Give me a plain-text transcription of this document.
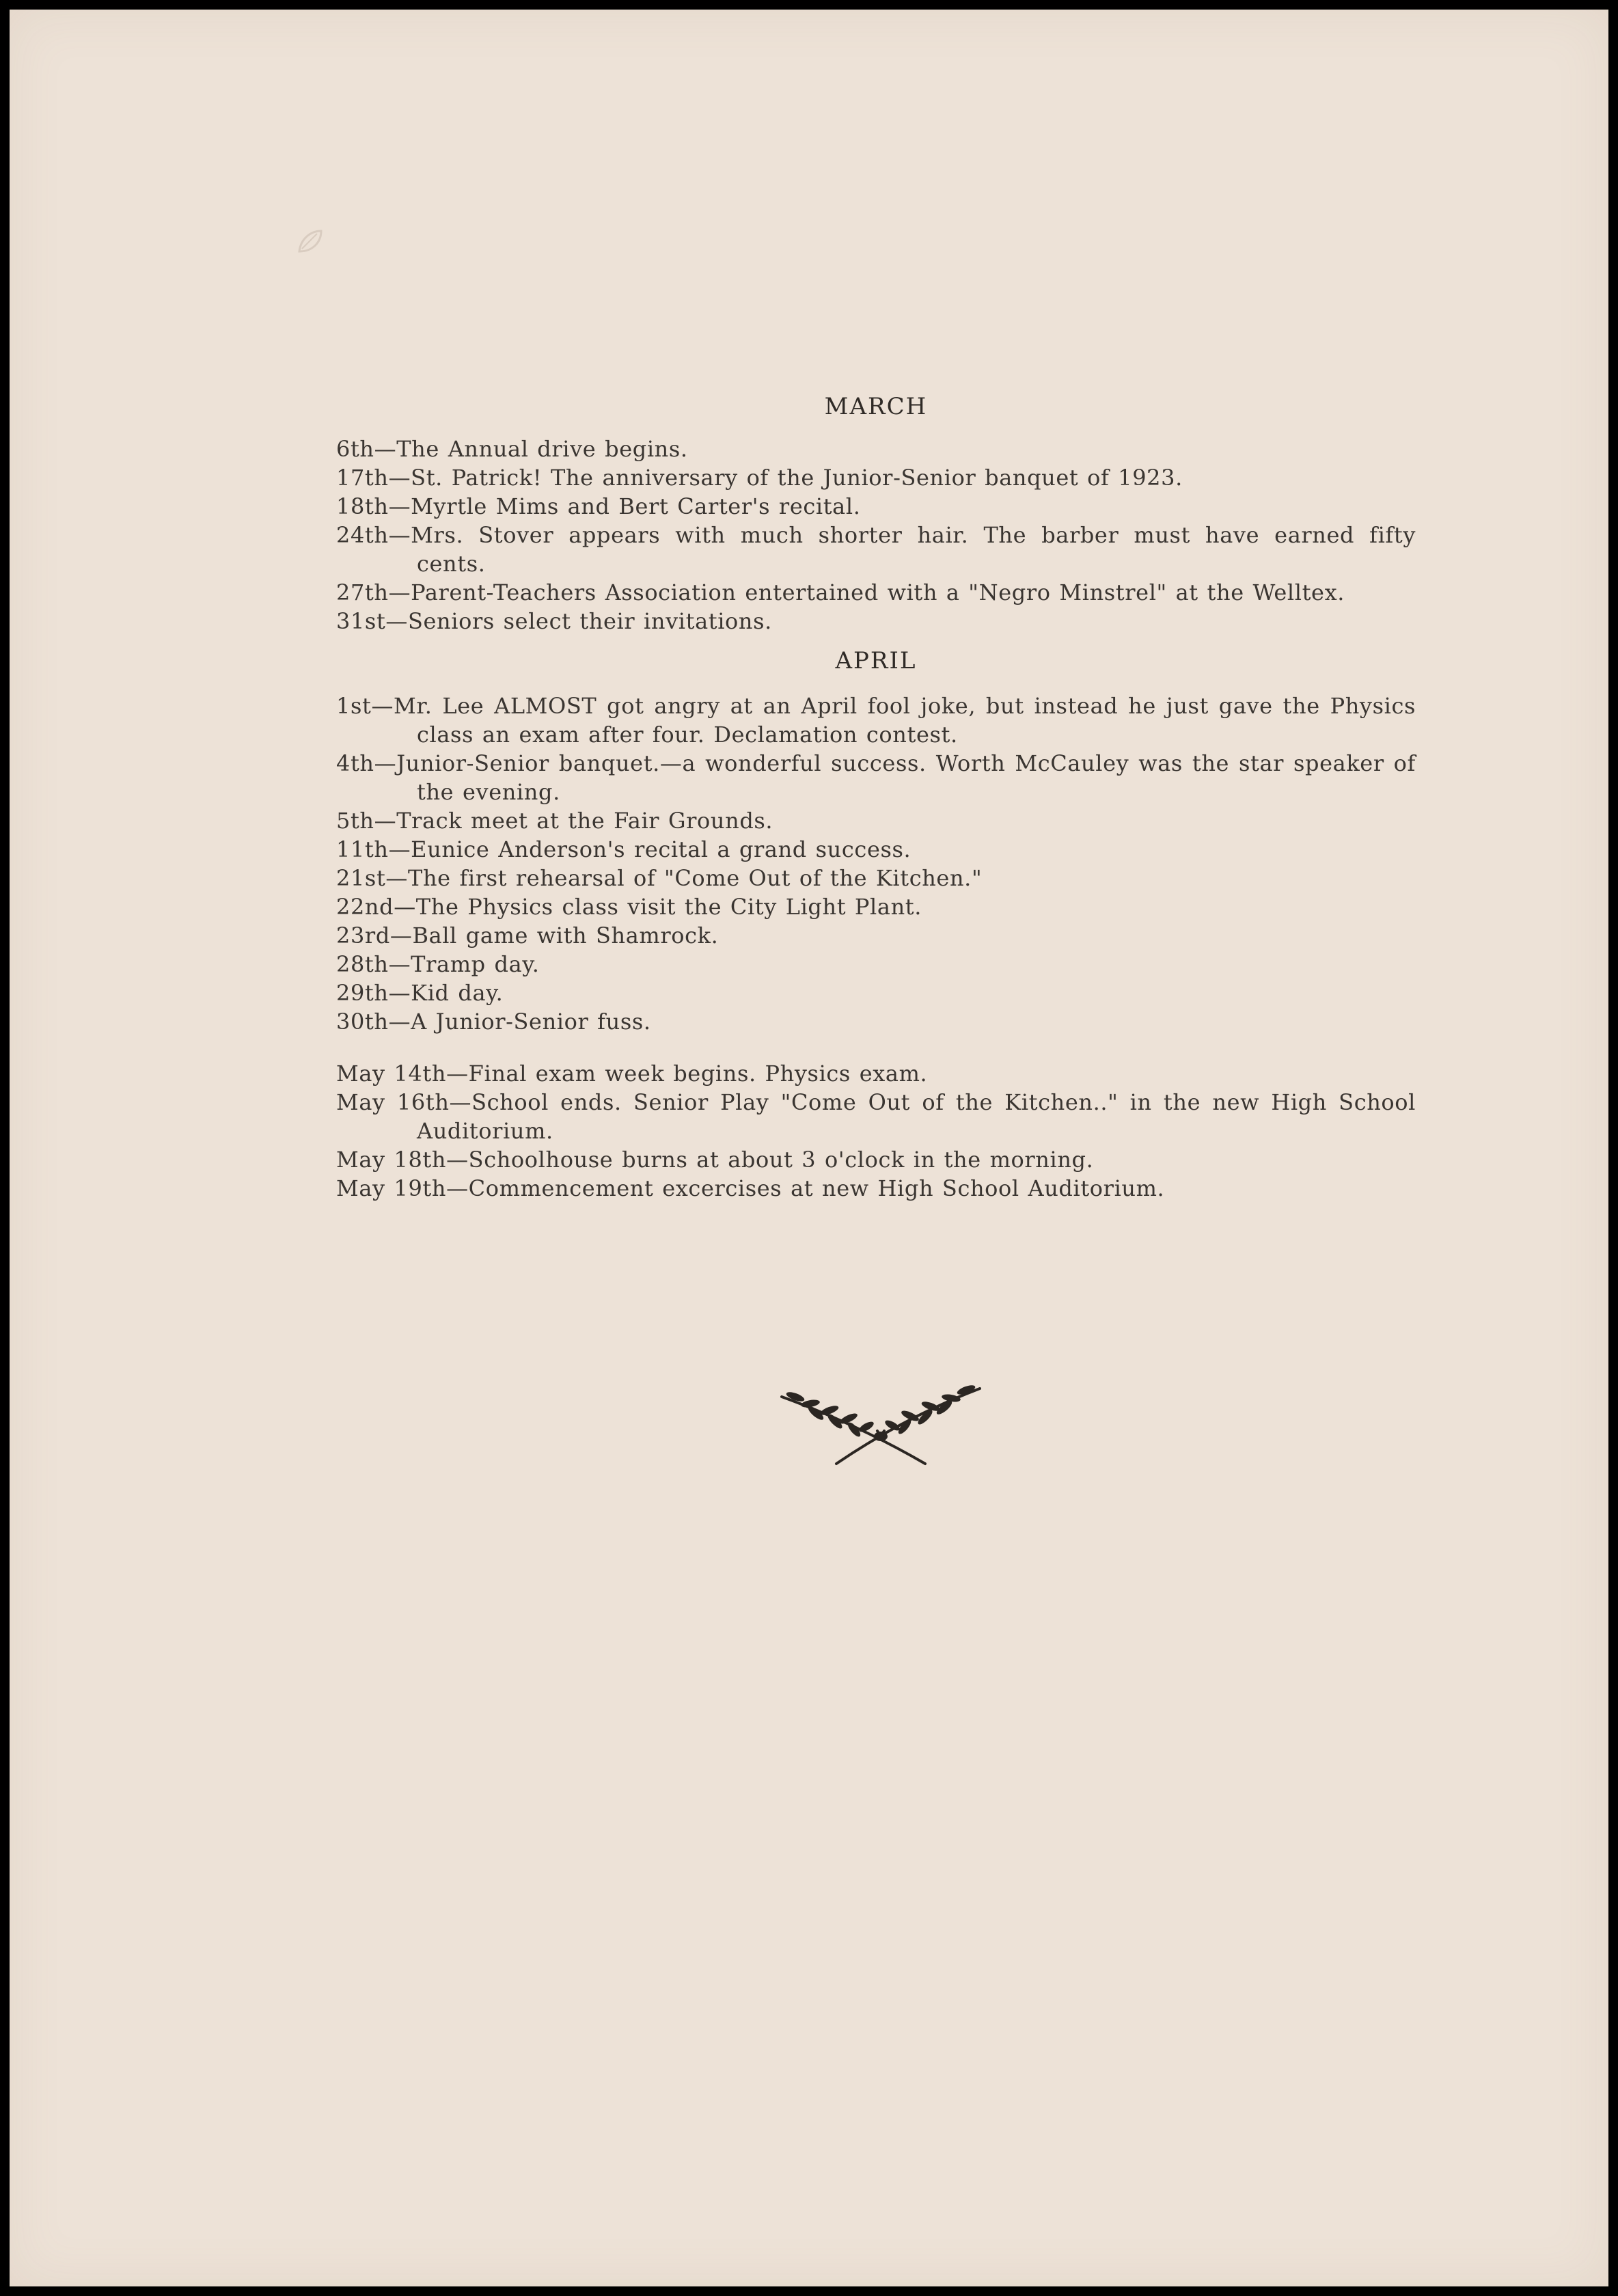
MARCH

6th—The Annual drive begins.

17th—St. Patrick! The anniversary of the Junior-Senior banquet of 1923.

18th—Myrtle Mims and Bert Carter's recital.

24th—Mrs. Stover appears with much shorter hair. The barber must have earned fifty cents.

27th—Parent-Teachers Association entertained with a "Negro Minstrel" at the Welltex.

31st—Seniors select their invitations.

APRIL

1st—Mr. Lee ALMOST got angry at an April fool joke, but instead he just gave the Physics class an exam after four. Declamation contest.

4th—Junior-Senior banquet.—a wonderful success. Worth McCauley was the star speaker of the evening.

5th—Track meet at the Fair Grounds.

11th—Eunice Anderson's recital a grand success.

21st—The first rehearsal of "Come Out of the Kitchen."

22nd—The Physics class visit the City Light Plant.

23rd—Ball game with Shamrock.

28th—Tramp day.

29th—Kid day.

30th—A Junior-Senior fuss.

May 14th—Final exam week begins. Physics exam.

May 16th—School ends. Senior Play "Come Out of the Kitchen.." in the new High School Auditorium.

May 18th—Schoolhouse burns at about 3 o'clock in the morning.

May 19th—Commencement excercises at new High School Auditorium.
